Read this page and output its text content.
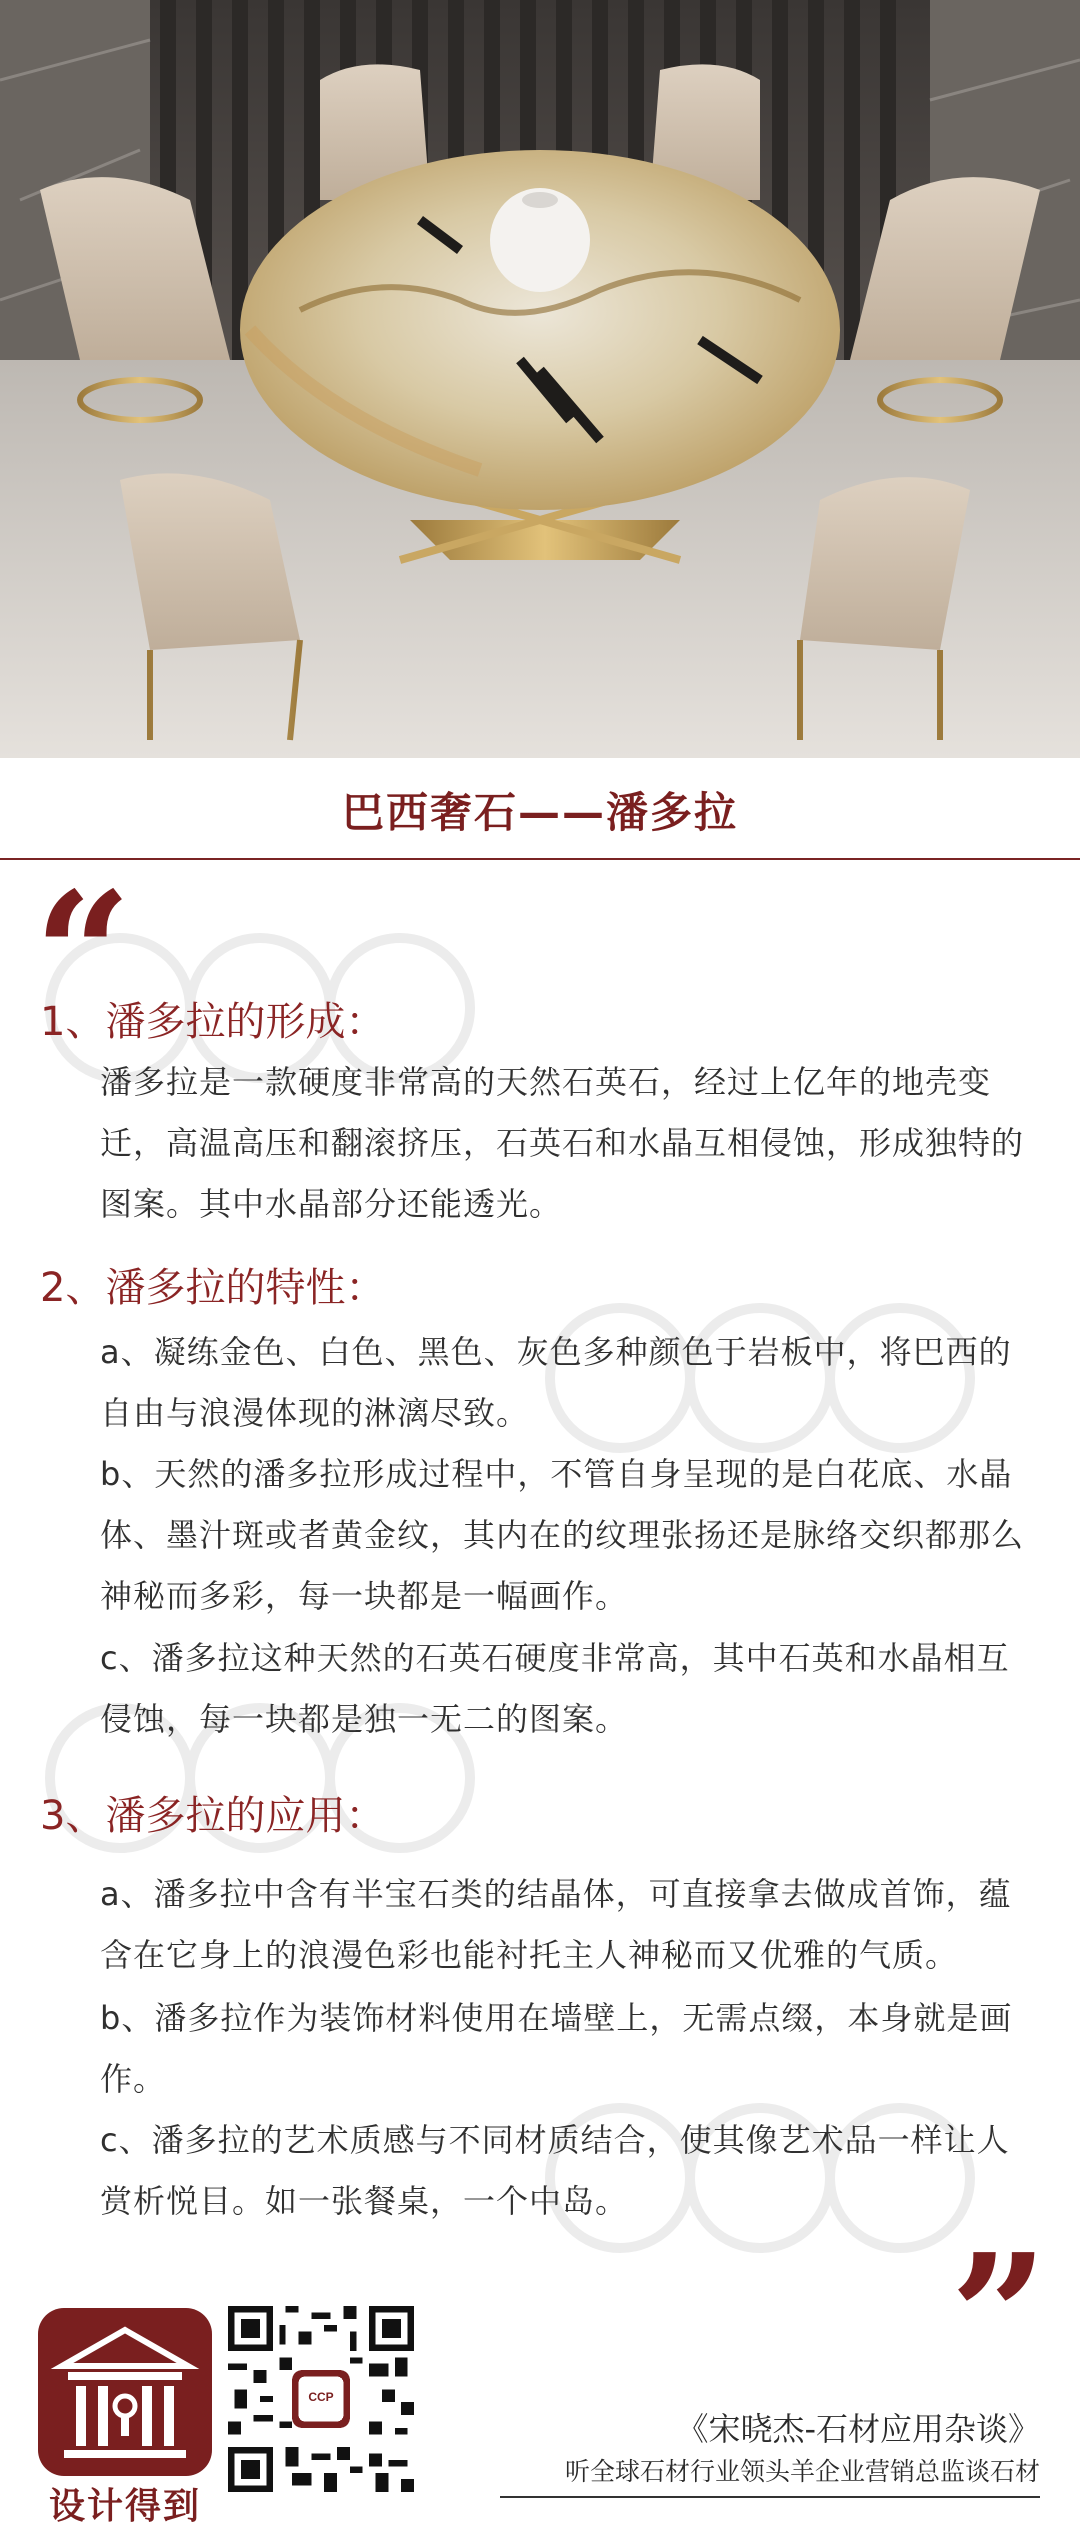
巴西奢石——潘多拉
“
1、潘多拉的形成：

潘多拉是一款硬度非常高的天然石英石，经过上亿年的地壳变迁，高温高压和翻滚挤压，石英石和水晶互相侵蚀，形成独特的图案。其中水晶部分还能透光。

2、潘多拉的特性：

a、凝练金色、白色、黑色、灰色多种颜色于岩板中，将巴西的自由与浪漫体现的淋漓尽致。

b、天然的潘多拉形成过程中，不管自身呈现的是白花底、水晶体、墨汁斑或者黄金纹，其内在的纹理张扬还是脉络交织都那么神秘而多彩，每一块都是一幅画作。

c、潘多拉这种天然的石英石硬度非常高，其中石英和水晶相互侵蚀，每一块都是独一无二的图案。

3、潘多拉的应用：

a、潘多拉中含有半宝石类的结晶体，可直接拿去做成首饰，蕴含在它身上的浪漫色彩也能衬托主人神秘而又优雅的气质。

b、潘多拉作为装饰材料使用在墙壁上，无需点缀，本身就是画作。

c、潘多拉的艺术质感与不同材质结合，使其像艺术品一样让人赏析悦目。如一张餐桌，一个中岛。

”
设计得到
CCP

《宋晓杰-石材应用杂谈》

听全球石材行业领头羊企业营销总监谈石材
